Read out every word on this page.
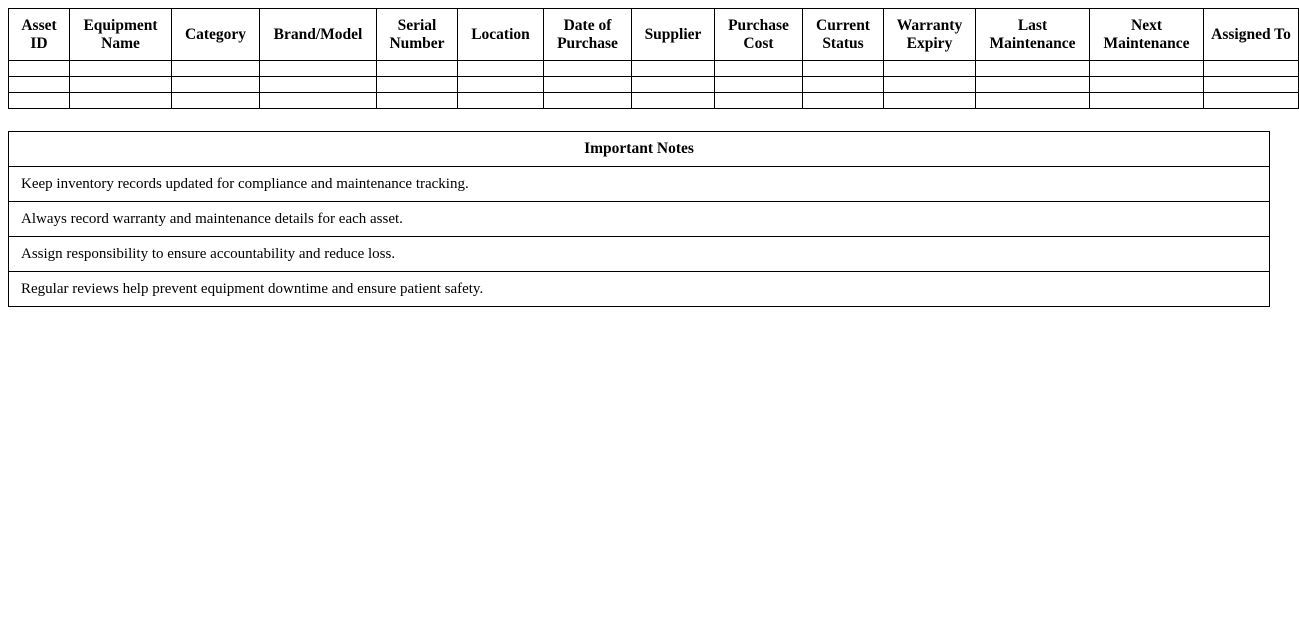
Asset ID	Equipment Name	Category	Brand/Model	Serial Number	Location	Date of Purchase	Supplier	Purchase Cost	Current Status	Warranty Expiry	Last Maintenance	Next Maintenance	Assigned To

Important Notes
Keep inventory records updated for compliance and maintenance tracking.
Always record warranty and maintenance details for each asset.
Assign responsibility to ensure accountability and reduce loss.
Regular reviews help prevent equipment downtime and ensure patient safety.
